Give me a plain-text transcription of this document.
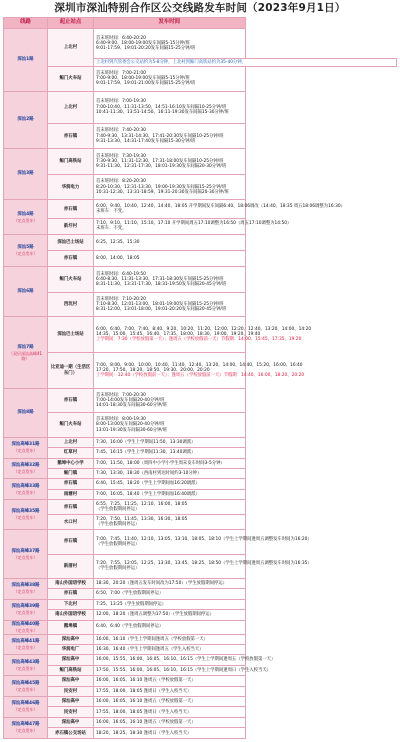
深圳市深汕特别合作区公交线路发车时间（2023年9月1日）
线路	起止站点	发车时间
深汕1路	上北村	首末班时间：6:40-20:20
6:40-9:00、18:00-19:00发车间隔5-15分钟/班
9:01-17:59、19:01-20:20发车间隔15-25分钟/班

		上北村到汽管委会公交站约为5-8分钟，上北村到鲘门高铁站约为35-40分钟。

	鲘门火车站	首末班时间：7:00-21:00
7:00-9:00、18:00-19:00发车间隔5-15分钟/班
9:01-17:59、19:01-21:00发车间隔15-25分钟/班

深汕2路	上北村	首末班时间：7:00-19:30
7:00-10:40、11:31-13:50、14:51-16:10发车间隔10-25分钟/班
10:41-11:30、13:51-14:50、16:11-19:30发车间隔15-30分钟/班

	赤石镇	首末班时间：7:40-20:30
7:40-9:30、13:31-14:30、17:41-20:30发车间隔10-25分钟/班
9:31-13:30、14:31-17:40发车间隔15-30分钟/班

深汕3路	鲘门高铁站	首末班时间：7:30-19:30
7:30-9:30、11:31-12:30、17:31-18:00发车间隔10-25分钟/班
9:31-11:30、12:31-17:30、18:01-19:30发车间隔20-30分钟/班

	华润电力	首末班时间：8:20-20:30
8:20-10:30、12:31-13:30、19:00-19:30发车间隔15-25分钟/班
10:31-12:30、13:31-18:59、19:31-20:30发车间隔20-30分钟/班

深汕4路
（定点发车）	赤石镇	6:00、9:40、10:40、12:40、14:40、18:05 开学期间发车间隔6:40、18:06调改（14:40、18:35 周五18:06调整为16:30）
末班车：不变。

	新圩村	7:10、9:10、11:10、15:10、17:10 开学期间周五17:10调整为16:50（周五17:10调整为14:50）
末班车：不变。

深汕5路
（定点发车）	深汕巴士场站	6:25、12:35、15:30

	赤石镇	8:00、14:00、18:05

深汕6路	鲘门火车站	首末班时间：6:40-19:50
6:40-8:30、11:31-13:30、17:31-18:30发车间隔15-25分钟/班
8:31-11:30、13:31-17:30、18:31-19:50发车间隔20-45分钟/班

	西坑村	首末班时间：7:10-20:20
7:10-8:30、12:01-13:00、18:01-19:00发车间隔15-25分钟/班
8:31-12:00、13:01-18:00、19:01-20:20发车间隔20-45分钟/班

深汕7路
（双层深汕高峰41路）	深汕巴士场站	6:00、6:40、7:00、7:40、8:40、9:20、10:20、11:20、12:00、12:20、12:40、13:20、14:00、14:20
14:35、15:00、15:45、16:40、17:35、18:00、18:30、19:00、19:20、19:40
上学期间：7:30（学校放假第一天）；逢周五（学校放假前一天）节假期：14:00、15:45、17:35、19:20

	比亚迪一期（生活区东门）	7:00、8:00、9:00、10:00、10:40、11:40、12:40、13:20、14:00、14:40、15:20、16:00、16:40
17:20、17:50、18:20、18:50、19:30、20:00、20:20
上学期间：12:40（学校放假前一天）；逢周五（学校放假前一天）节假期：14:40、16:00、18:20、20:20

深汕8路	赤石镇	首末班时间：7:00-20:30
7:00-14:00发车间隔20-40分钟/班
14:01-18:30发车间隔30-60分钟/班

	鲘门火车站	首末班时间：8:00-19:30
8:00-13:00发车间隔20-40分钟/班
13:01-19:30发车间隔30-60分钟/班

深汕高峰31路
（定点发车）	上北村	7:30、16:00（学生上学期间11:50、13:30调派）

	红草村	7:45、16:15（学生上学期间11:30、13:40调派）

深汕高峰32路
（定点发车）	鹅埠中心小学	7:00、11:50、18:00（周四中小学小学生周末发车时间3-5分钟）

	鲘门镇	7:30、13:30、18:30（西南村到达时间约3-10分钟）

深汕高峰33路
（定点发车）	赤石镇	6:40、15:45、18:20（学生上学期间加16:20调派）

	雨塘村	7:00、16:05、18:40（学生上学期间加16:40调派）

深汕高峰35路
（定点发车）	赤石镇	6:55、7:25、11:25、12:10、16:00、18:05
（学生放假期间停运）

	水口村	7:20、7:50、11:45、13:30、16:30、18:05
（学生放假期间停运）

深汕高峰37路
（定点发车）	赤石镇	7:00、7:45、11:40、12:10、13:05、13:10、18:05、18:10（学生上学期间逢周五调整发车时间为16:20）
（学生放假期间停运）

	新厝村	7:20、7:55、12:05、12:25、13:30、13:45、18:25、18:50（学生上学期间逢周五调整发车时间为16:35）
（学生放假期间停运）

深汕高峰38路
（定点发车）	南山外国语学校	18:30、20:20（逢周五发车时间改为17:50）（学生放假期间停运）

	赤石镇	6:50、7:00（学生放假期间停运）

深汕高峰39路
（定点发车）	下北村	7:25、13:25（学生放假期间停运）

	南山外国语学校	12:00、18:20（逢周五调整为17:50）（学生放假期间停运）

深汕高峰40路
（定点发车）	鹅埠镇	6:40、6:40（学生放假期间停运）

深汕高峰41路
（定点发车）	深汕高中	16:00、16:10（学生上学期间逢周五（学校放假第一天）

	华润电厂	16:30、16:40（学生上学期间逢周五（学生入校当天）

深汕高峰43路
（定点发车）	深汕高中	16:00、15:55、16:00、16:05、16:10、16:15（学生上学期间逢周五（学校放假第一天）

	鲘门高铁站	17:50、15:55、16:00、16:05、16:10、16:15（学生上学期间逢周日（学生入校当天）

深汕高峰45路
（定点发车）	深汕高中	16:00、16:05、16:10 逢周五（学校放假第一天）

	民安村	17:55、18:00、18:05 逢周日（学生入校当天）

深汕高峰46路
（定点发车）	深汕高中	16:00、16:05、16:10 逢周五（学校放假第一天）

	民安村	17:55、18:00、18:05 逢周日（学生入校当天）

深汕高峰47路
（定点发车）	深汕高中	16:00、16:05、16:10 逢周五（学校放假第一天）

	赤石镇公交场站	18:20、18:25、18:30 逢周日（学生入校当天）
